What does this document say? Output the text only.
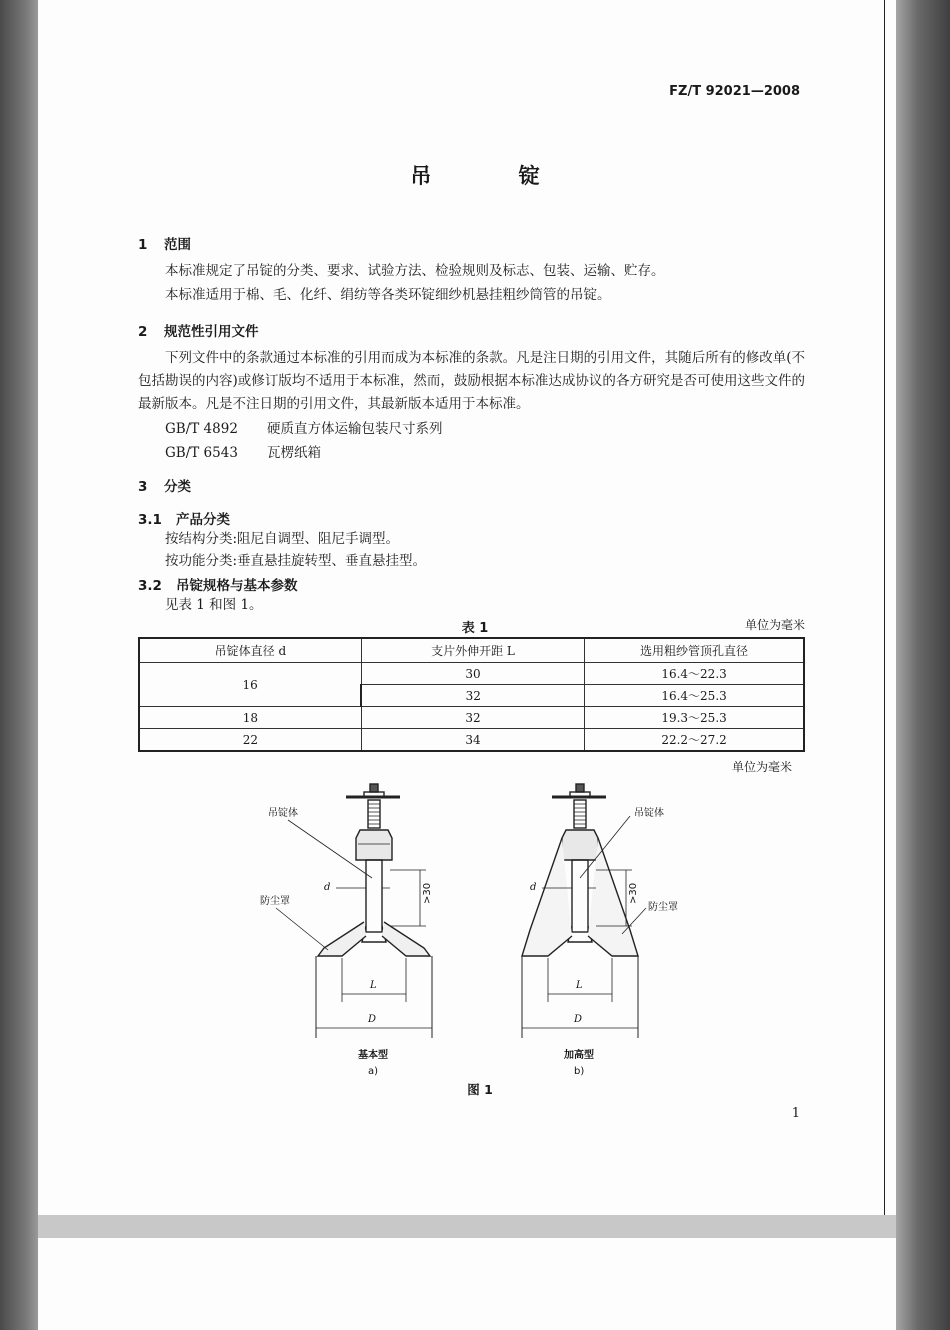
FZ/T 92021—2008
吊 锭
1 范围
本标准规定了吊锭的分类、要求、试验方法、检验规则及标志、包装、运输、贮存。
本标准适用于棉、毛、化纤、绢纺等各类环锭细纱机悬挂粗纱筒管的吊锭。
2 规范性引用文件
下列文件中的条款通过本标准的引用而成为本标准的条款。凡是注日期的引用文件，其随后所有的修改单(不包括勘误的内容)或修订版均不适用于本标准，然而，鼓励根据本标准达成协议的各方研究是否可使用这些文件的最新版本。凡是不注日期的引用文件，其最新版本适用于本标准。
GB/T 4892 硬质直方体运输包装尺寸系列
GB/T 6543 瓦楞纸箱
3 分类
3.1 产品分类
按结构分类:阻尼自调型、阻尼手调型。
按功能分类:垂直悬挂旋转型、垂直悬挂型。
3.2 吊锭规格与基本参数
见表 1 和图 1。
表 1	单位为毫米
吊锭体直径 d	支片外伸开距 L	选用粗纱管顶孔直径
16	30	16.4～22.3
	32	16.4～25.3
18	32	19.3～25.3
22	34	22.2～27.2
单位为毫米
吊锭体
防尘罩
d	>30
L
D
基本型
a)
吊锭体
防尘罩
d	>30
L
D
加高型
b)
图 1
1
